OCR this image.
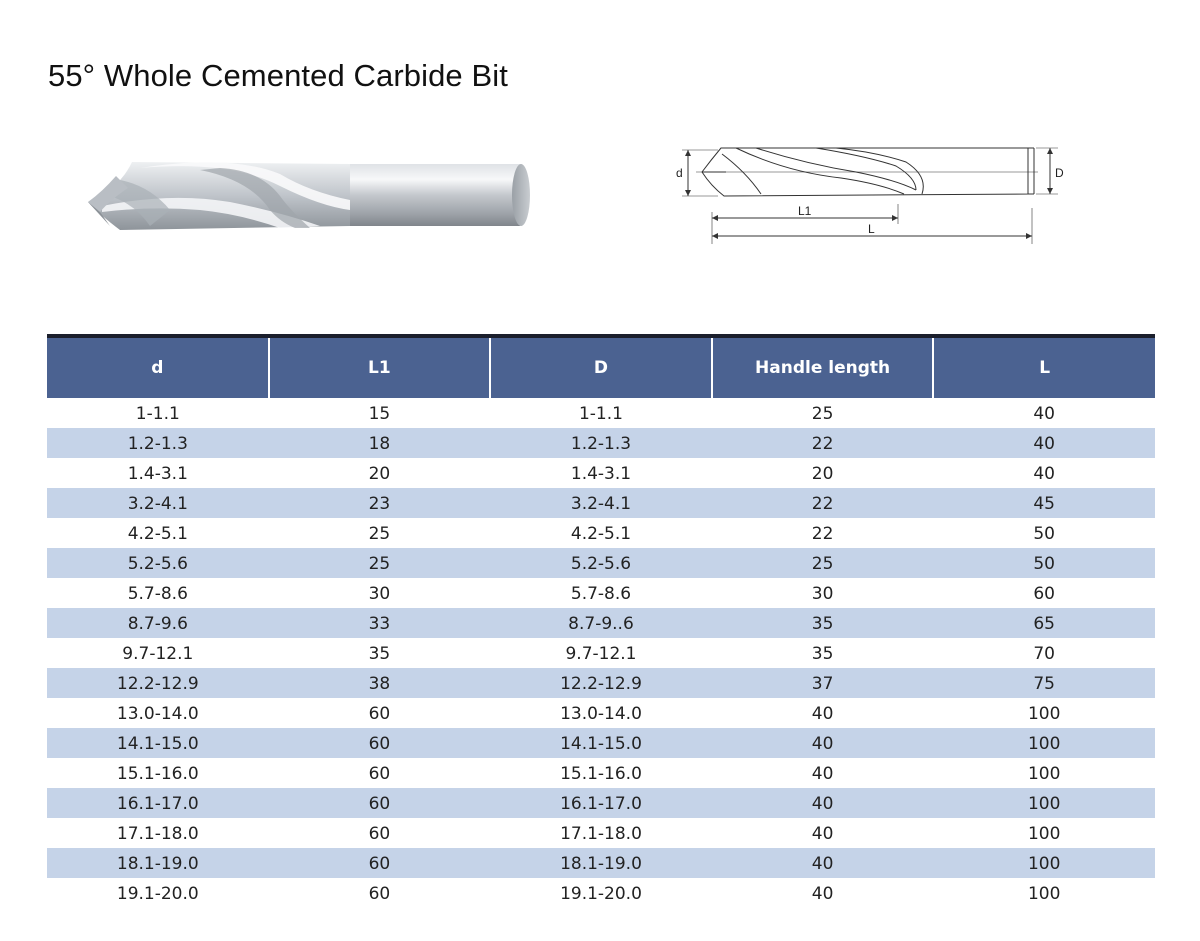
55° Whole Cemented Carbide Bit
d	D
L1
L
d	L1	D	Handle length	L
1-1.1	15	1-1.1	25	40
1.2-1.3	18	1.2-1.3	22	40
1.4-3.1	20	1.4-3.1	20	40
3.2-4.1	23	3.2-4.1	22	45
4.2-5.1	25	4.2-5.1	22	50
5.2-5.6	25	5.2-5.6	25	50
5.7-8.6	30	5.7-8.6	30	60
8.7-9.6	33	8.7-9..6	35	65
9.7-12.1	35	9.7-12.1	35	70
12.2-12.9	38	12.2-12.9	37	75
13.0-14.0	60	13.0-14.0	40	100
14.1-15.0	60	14.1-15.0	40	100
15.1-16.0	60	15.1-16.0	40	100
16.1-17.0	60	16.1-17.0	40	100
17.1-18.0	60	17.1-18.0	40	100
18.1-19.0	60	18.1-19.0	40	100
19.1-20.0	60	19.1-20.0	40	100
